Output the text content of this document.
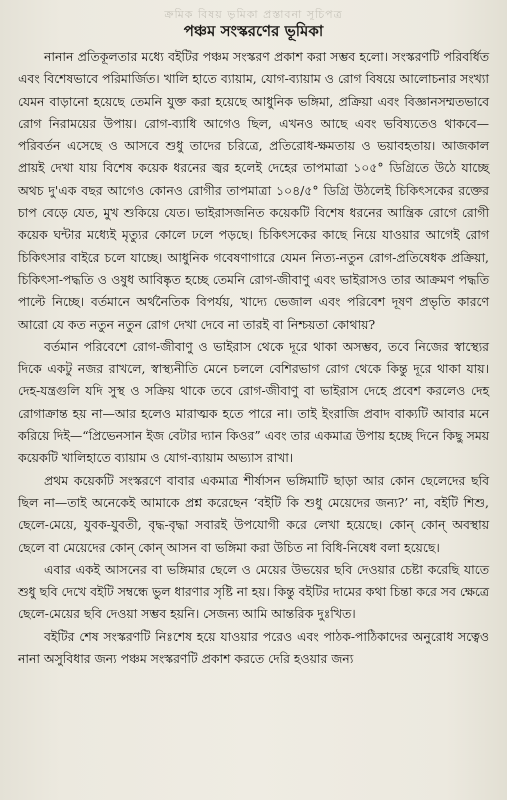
ক্রমিক বিষয় ভূমিকা প্রস্তাবনা সূচিপত্র
পঞ্চম সংস্করণের ভূমিকা

নানান প্রতিকূলতার মধ্যে বইটির পঞ্চম সংস্করণ প্রকাশ করা সম্ভব হলো। সংস্করণটি পরিবর্ধিত এবং বিশেষভাবে পরিমার্জিত। খালি হাতে ব্যায়াম, যোগ-ব্যায়াম ও রোগ বিষয়ে আলোচনার সংখ্যা যেমন বাড়ানো হয়েছে তেমনি যুক্ত করা হয়েছে আধুনিক ভঙ্গিমা, প্রক্রিয়া এবং বিজ্ঞানসম্মতভাবে রোগ নিরাময়ের উপায়। রোগ-ব্যাধি আগেও ছিল, এখনও আছে এবং ভবিষ্যতেও থাকবে—পরিবর্তন এসেছে ও আসবে শুধু তাদের চরিত্রে, প্রতিরোধ-ক্ষমতায় ও ভয়াবহতায়। আজকাল প্রায়ই দেখা যায় বিশেষ কয়েক ধরনের জ্বর হলেই দেহের তাপমাত্রা ১০৫° ডিগ্রিতে উঠে যাচ্ছে অথচ দু'এক বছর আগেও কোনও রোগীর তাপমাত্রা ১০৪/৫° ডিগ্রি উঠলেই চিকিৎসকের রক্তের চাপ বেড়ে যেত, মুখ শুকিয়ে যেত। ভাইরাসজনিত কয়েকটি বিশেষ ধরনের আন্ত্রিক রোগে রোগী কয়েক ঘন্টার মধ্যেই মৃত্যুর কোলে ঢলে পড়ছে। চিকিৎসকের কাছে নিয়ে যাওয়ার আগেই রোগ চিকিৎসার বাইরে চলে যাচ্ছে। আধুনিক গবেষণাগারে যেমন নিত্য-নতুন রোগ-প্রতিষেধক প্রক্রিয়া, চিকিৎসা-পদ্ধতি ও ওষুধ আবিষ্কৃত হচ্ছে তেমনি রোগ-জীবাণু এবং ভাইরাসও তার আক্রমণ পদ্ধতি পাল্টে নিচ্ছে। বর্তমানে অর্থনৈতিক বিপর্যয়, খাদ্যে ভেজাল এবং পরিবেশ দূষণ প্রভৃতি কারণে আরো যে কত নতুন নতুন রোগ দেখা দেবে না তারই বা নিশ্চয়তা কোথায়?

বর্তমান পরিবেশে রোগ-জীবাণু ও ভাইরাস থেকে দূরে থাকা অসম্ভব, তবে নিজের স্বাস্থ্যের দিকে একটু নজর রাখলে, স্বাস্থ্যনীতি মেনে চললে বেশিরভাগ রোগ থেকে কিন্তু দূরে থাকা যায়। দেহ-যন্ত্রগুলি যদি সুস্থ ও সক্রিয় থাকে তবে রোগ-জীবাণু বা ভাইরাস দেহে প্রবেশ করলেও দেহ রোগাক্রান্ত হয় না—আর হলেও মারাত্মক হতে পারে না। তাই ইংরাজি প্রবাদ বাক্যটি আবার মনে করিয়ে দিই—“প্রিভেনসান ইজ বেটার দ্যান কিওর” এবং তার একমাত্র উপায় হচ্ছে দিনে কিছু সময় কয়েকটি খালিহাতে ব্যায়াম ও যোগ-ব্যায়াম অভ্যাস রাখা।

প্রথম কয়েকটি সংস্করণে বাবার একমাত্র শীর্ষাসন ভঙ্গিমাটি ছাড়া আর কোন ছেলেদের ছবি ছিল না—তাই অনেকেই আমাকে প্রশ্ন করেছেন ‘বইটি কি শুধু মেয়েদের জন্য?’ না, বইটি শিশু, ছেলে-মেয়ে, যুবক-যুবতী, বৃদ্ধ-বৃদ্ধা সবারই উপযোগী করে লেখা হয়েছে। কোন্‌ কোন্‌ অবস্থায় ছেলে বা মেয়েদের কোন্‌ কোন্‌ আসন বা ভঙ্গিমা করা উচিত না বিধি-নিষেধ বলা হয়েছে।

এবার একই আসনের বা ভঙ্গিমার ছেলে ও মেয়ের উভয়ের ছবি দেওয়ার চেষ্টা করেছি যাতে শুধু ছবি দেখে বইটি সম্বন্ধে ভুল ধারণার সৃষ্টি না হয়। কিন্তু বইটির দামের কথা চিন্তা করে সব ক্ষেত্রে ছেলে-মেয়ের ছবি দেওয়া সম্ভব হয়নি। সেজন্য আমি আন্তরিক দুঃখিত।

বইটির শেষ সংস্করণটি নিঃশেষ হয়ে যাওয়ার পরেও এবং পাঠক-পাঠিকাদের অনুরোধ সত্বেও নানা অসুবিধার জন্য পঞ্চম সংস্করণটি প্রকাশ করতে দেরি হওয়ার জন্য
